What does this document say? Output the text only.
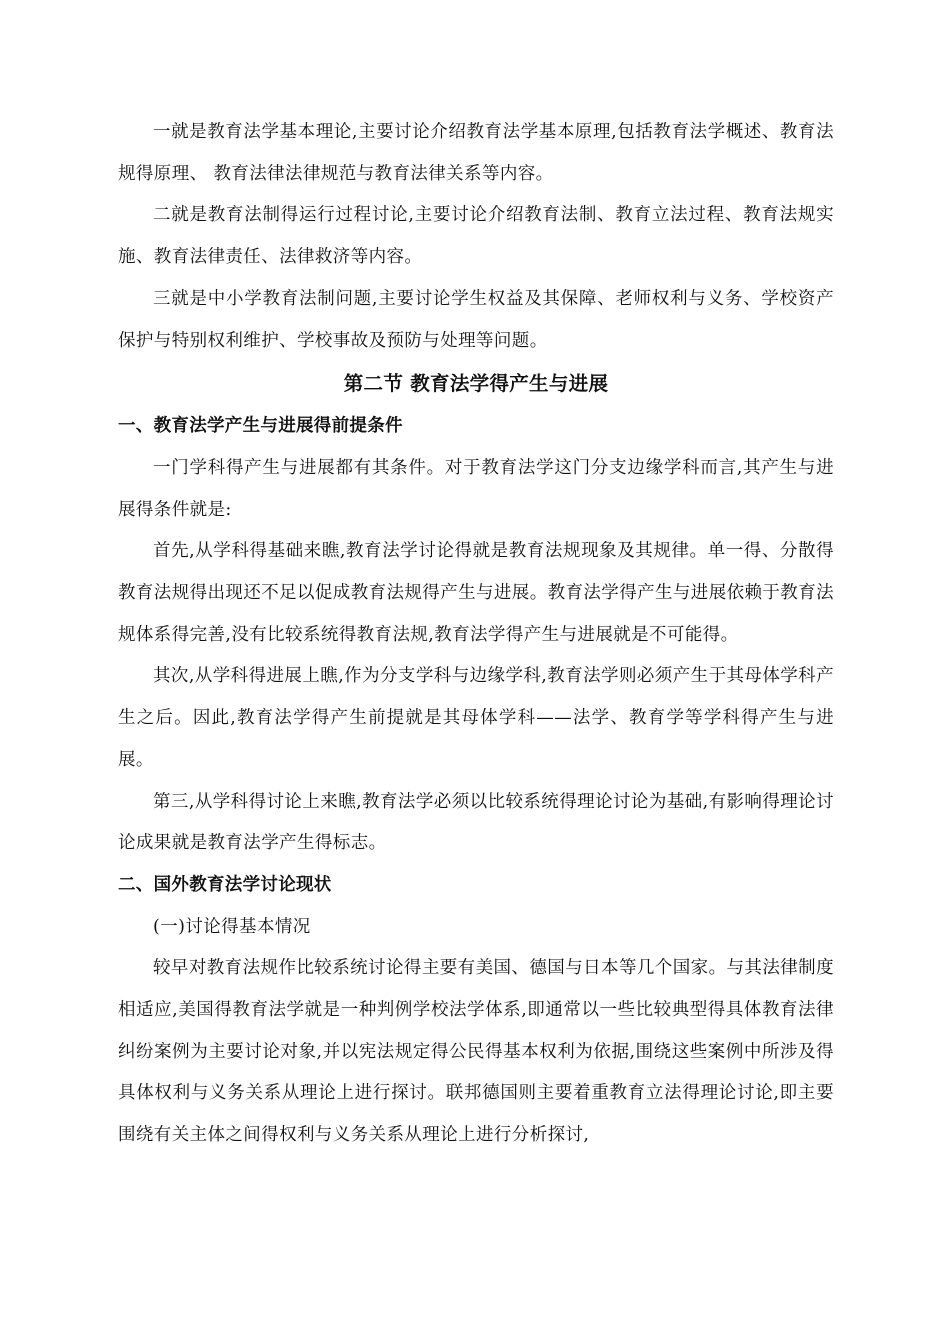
一就是教育法学基本理论,主要讨论介绍教育法学基本原理,包括教育法学概述、教育法规得原理、 教育法律法律规范与教育法律关系等内容。

二就是教育法制得运行过程讨论,主要讨论介绍教育法制、教育立法过程、教育法规实施、教育法律责任、法律救济等内容。

三就是中小学教育法制问题,主要讨论学生权益及其保障、老师权利与义务、学校资产保护与特别权利维护、学校事故及预防与处理等问题。

第二节 教育法学得产生与进展
一、教育法学产生与进展得前提条件

一门学科得产生与进展都有其条件。对于教育法学这门分支边缘学科而言,其产生与进展得条件就是:

首先,从学科得基础来瞧,教育法学讨论得就是教育法规现象及其规律。单一得、分散得教育法规得出现还不足以促成教育法规得产生与进展。教育法学得产生与进展依赖于教育法规体系得完善,没有比较系统得教育法规,教育法学得产生与进展就是不可能得。

其次,从学科得进展上瞧,作为分支学科与边缘学科,教育法学则必须产生于其母体学科产生之后。因此,教育法学得产生前提就是其母体学科——法学、教育学等学科得产生与进展。

第三,从学科得讨论上来瞧,教育法学必须以比较系统得理论讨论为基础,有影响得理论讨论成果就是教育法学产生得标志。

二、国外教育法学讨论现状

(一)讨论得基本情况

较早对教育法规作比较系统讨论得主要有美国、德国与日本等几个国家。与其法律制度相适应,美国得教育法学就是一种判例学校法学体系,即通常以一些比较典型得具体教育法律纠纷案例为主要讨论对象,并以宪法规定得公民得基本权利为依据,围绕这些案例中所涉及得具体权利与义务关系从理论上进行探讨。联邦德国则主要着重教育立法得理论讨论,即主要围绕有关主体之间得权利与义务关系从理论上进行分析探讨,
